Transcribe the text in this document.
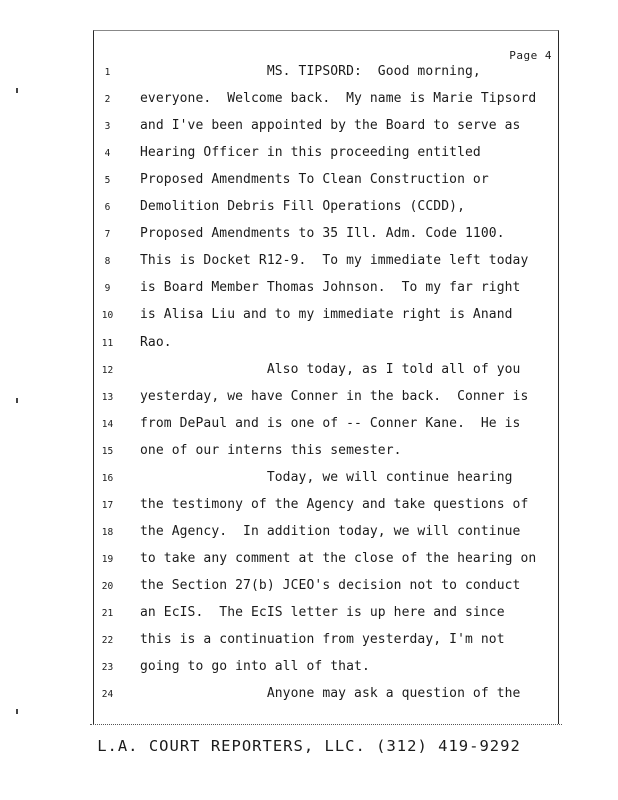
Page 4
1	MS. TIPSORD:  Good morning,
2	everyone.  Welcome back.  My name is Marie Tipsord
3	and I've been appointed by the Board to serve as
4	Hearing Officer in this proceeding entitled
5	Proposed Amendments To Clean Construction or
6	Demolition Debris Fill Operations (CCDD),
7	Proposed Amendments to 35 Ill. Adm. Code 1100.
8	This is Docket R12-9.  To my immediate left today
9	is Board Member Thomas Johnson.  To my far right
10	is Alisa Liu and to my immediate right is Anand
11	Rao.
12	Also today, as I told all of you
13	yesterday, we have Conner in the back.  Conner is
14	from DePaul and is one of -- Conner Kane.  He is
15	one of our interns this semester.
16	Today, we will continue hearing
17	the testimony of the Agency and take questions of
18	the Agency.  In addition today, we will continue
19	to take any comment at the close of the hearing on
20	the Section 27(b) JCEO's decision not to conduct
21	an EcIS.  The EcIS letter is up here and since
22	this is a continuation from yesterday, I'm not
23	going to go into all of that.
24	Anyone may ask a question of the
L.A. COURT REPORTERS, LLC. (312) 419-9292
